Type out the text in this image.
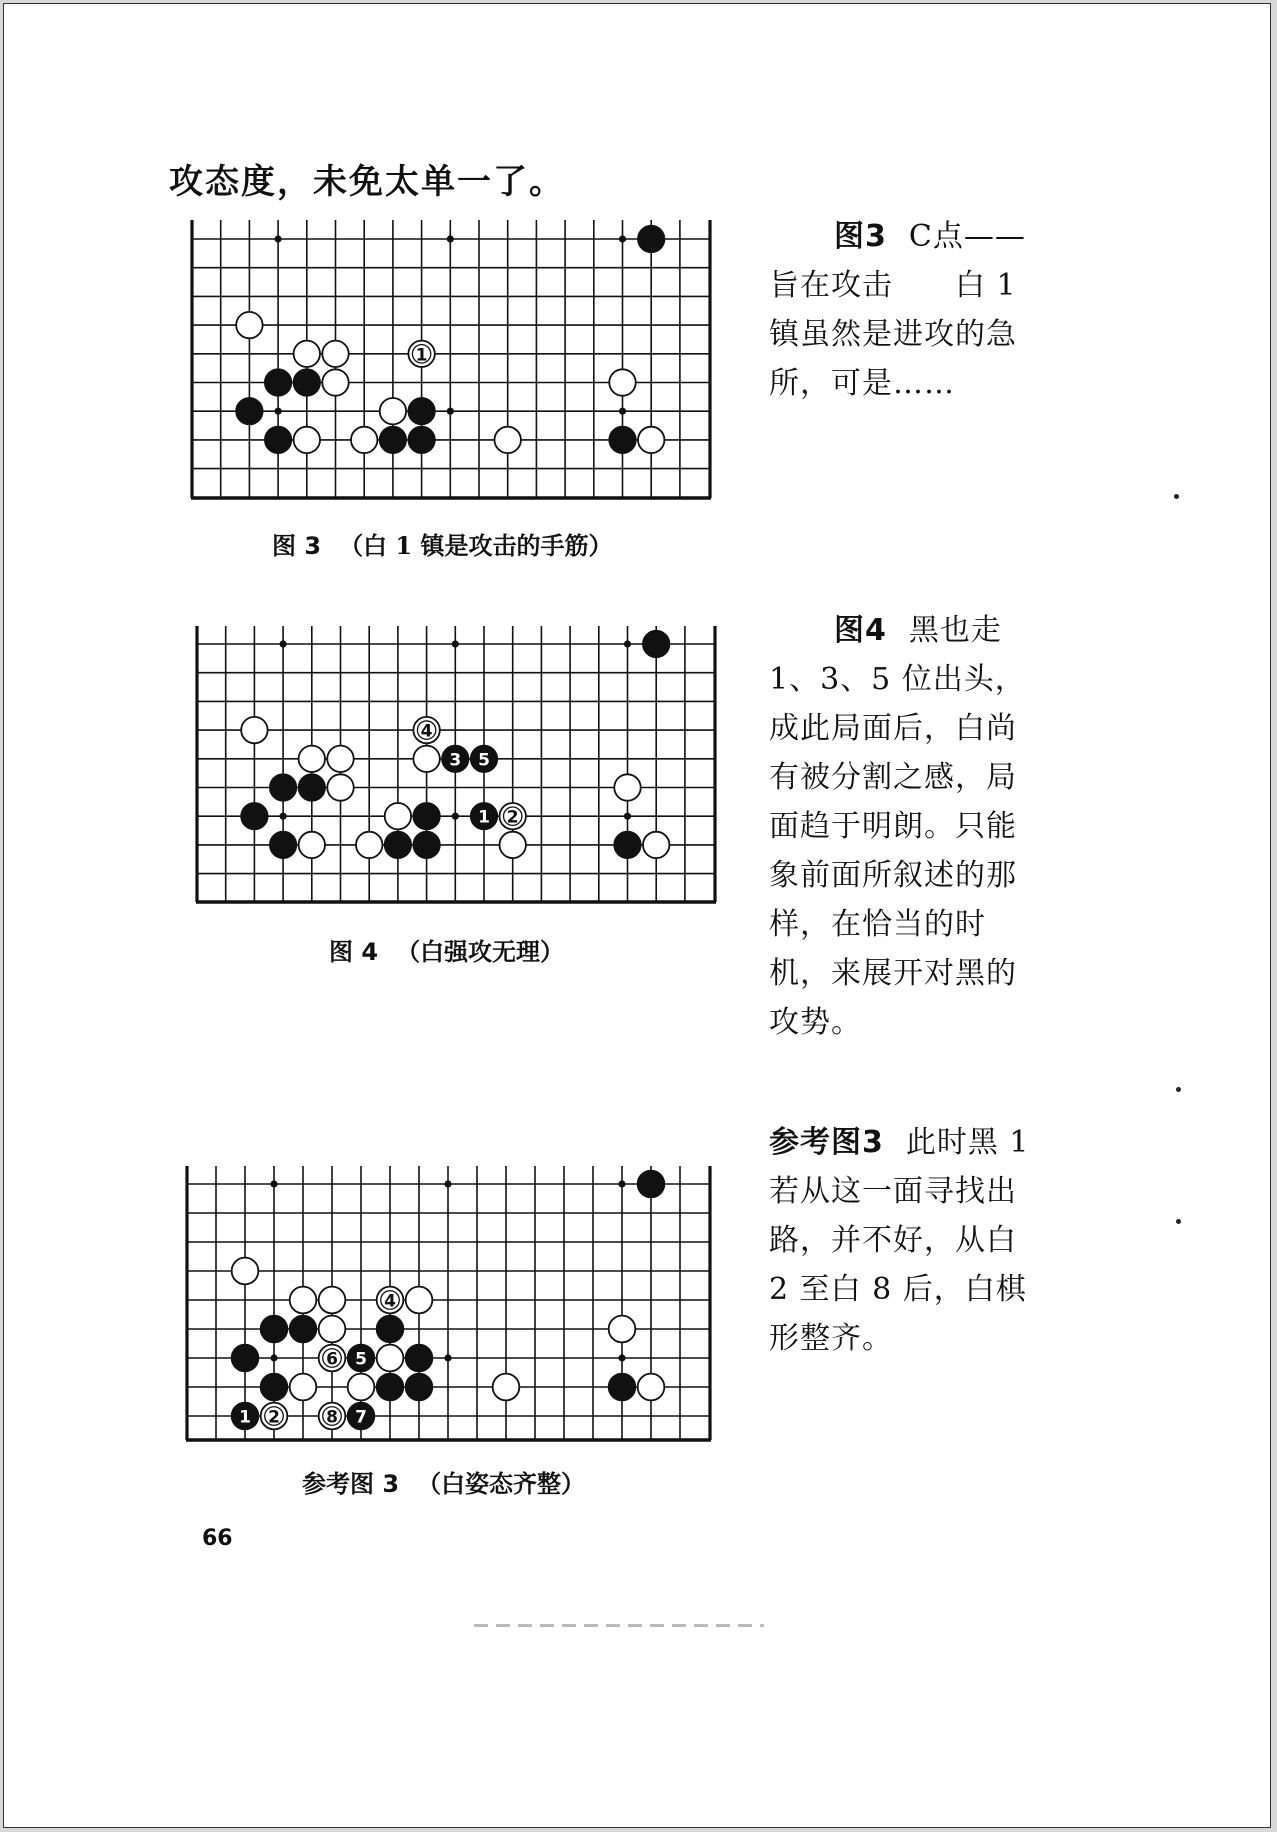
攻态度，未免太单一了。
1
图 3 （白 1 镇是攻击的手筋）
图3 C点——旨在攻击　　白 1 镇虽然是进攻的急所，可是……
4
3 5
1 2
图 4 （白强攻无理）
图4 黑也走1、3、5 位出头，成此局面后，白尚有被分割之感，局面趋于明朗。只能象前面所叙述的那样，在恰当的时机，来展开对黑的攻势。
4
6 5
1 2	8 7
参考图 3 （白姿态齐整）
参考图3 此时黑 1 若从这一面寻找出路，并不好，从白 2 至白 8 后，白棋形整齐。
66
